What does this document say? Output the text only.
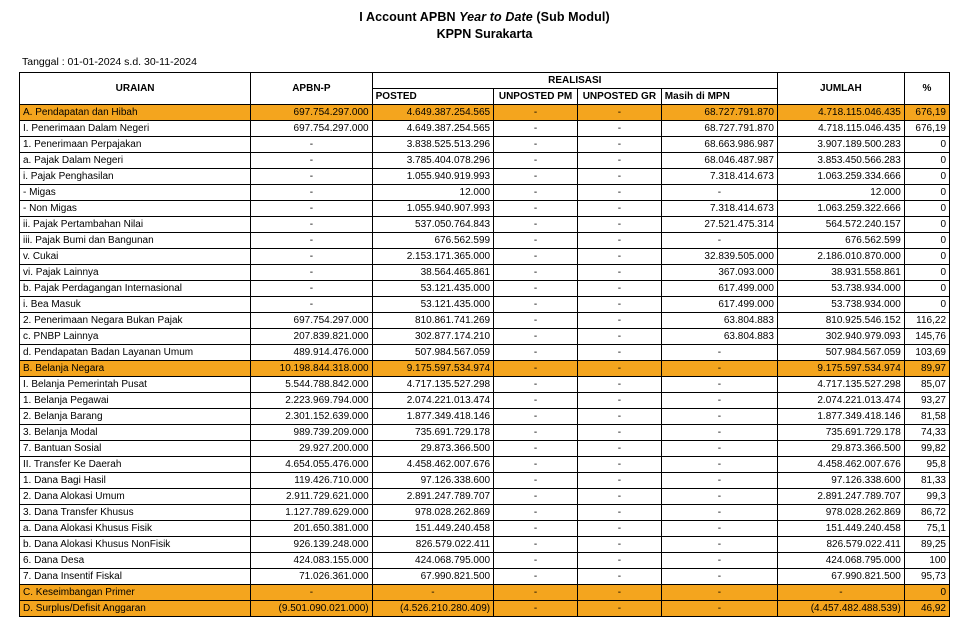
I Account APBN Year to Date (Sub Modul)
KPPN Surakarta
Tanggal : 01-01-2024 s.d. 30-11-2024
URAIAN	APBN-P	REALISASI				JUMLAH	%
		POSTED	UNPOSTED PM	UNPOSTED GR	Masih di MPN		
A. Pendapatan dan Hibah	697.754.297.000	4.649.387.254.565	-	-	68.727.791.870	4.718.115.046.435	676,19
I. Penerimaan Dalam Negeri	697.754.297.000	4.649.387.254.565	-	-	68.727.791.870	4.718.115.046.435	676,19
1. Penerimaan Perpajakan	-	3.838.525.513.296	-	-	68.663.986.987	3.907.189.500.283	0
a. Pajak Dalam Negeri	-	3.785.404.078.296	-	-	68.046.487.987	3.853.450.566.283	0
i. Pajak Penghasilan	-	1.055.940.919.993	-	-	7.318.414.673	1.063.259.334.666	0
- Migas	-	12.000	-	-	-	12.000	0
- Non Migas	-	1.055.940.907.993	-	-	7.318.414.673	1.063.259.322.666	0
ii. Pajak Pertambahan Nilai	-	537.050.764.843	-	-	27.521.475.314	564.572.240.157	0
iii. Pajak Bumi dan Bangunan	-	676.562.599	-	-	-	676.562.599	0
v. Cukai	-	2.153.171.365.000	-	-	32.839.505.000	2.186.010.870.000	0
vi. Pajak Lainnya	-	38.564.465.861	-	-	367.093.000	38.931.558.861	0
b. Pajak Perdagangan Internasional	-	53.121.435.000	-	-	617.499.000	53.738.934.000	0
i. Bea Masuk	-	53.121.435.000	-	-	617.499.000	53.738.934.000	0
2. Penerimaan Negara Bukan Pajak	697.754.297.000	810.861.741.269	-	-	63.804.883	810.925.546.152	116,22
c. PNBP Lainnya	207.839.821.000	302.877.174.210	-	-	63.804.883	302.940.979.093	145,76
d. Pendapatan Badan Layanan Umum	489.914.476.000	507.984.567.059	-	-	-	507.984.567.059	103,69
B. Belanja Negara	10.198.844.318.000	9.175.597.534.974	-	-	-	9.175.597.534.974	89,97
I. Belanja Pemerintah Pusat	5.544.788.842.000	4.717.135.527.298	-	-	-	4.717.135.527.298	85,07
1. Belanja Pegawai	2.223.969.794.000	2.074.221.013.474	-	-	-	2.074.221.013.474	93,27
2. Belanja Barang	2.301.152.639.000	1.877.349.418.146	-	-	-	1.877.349.418.146	81,58
3. Belanja Modal	989.739.209.000	735.691.729.178	-	-	-	735.691.729.178	74,33
7. Bantuan Sosial	29.927.200.000	29.873.366.500	-	-	-	29.873.366.500	99,82
II. Transfer Ke Daerah	4.654.055.476.000	4.458.462.007.676	-	-	-	4.458.462.007.676	95,8
1. Dana Bagi Hasil	119.426.710.000	97.126.338.600	-	-	-	97.126.338.600	81,33
2. Dana Alokasi Umum	2.911.729.621.000	2.891.247.789.707	-	-	-	2.891.247.789.707	99,3
3. Dana Transfer Khusus	1.127.789.629.000	978.028.262.869	-	-	-	978.028.262.869	86,72
a. Dana Alokasi Khusus Fisik	201.650.381.000	151.449.240.458	-	-	-	151.449.240.458	75,1
b. Dana Alokasi Khusus NonFisik	926.139.248.000	826.579.022.411	-	-	-	826.579.022.411	89,25
6. Dana Desa	424.083.155.000	424.068.795.000	-	-	-	424.068.795.000	100
7. Dana Insentif Fiskal	71.026.361.000	67.990.821.500	-	-	-	67.990.821.500	95,73
C. Keseimbangan Primer	-	-	-	-	-	-	0
D. Surplus/Defisit Anggaran	(9.501.090.021.000)	(4.526.210.280.409)	-	-	-	(4.457.482.488.539)	46,92
